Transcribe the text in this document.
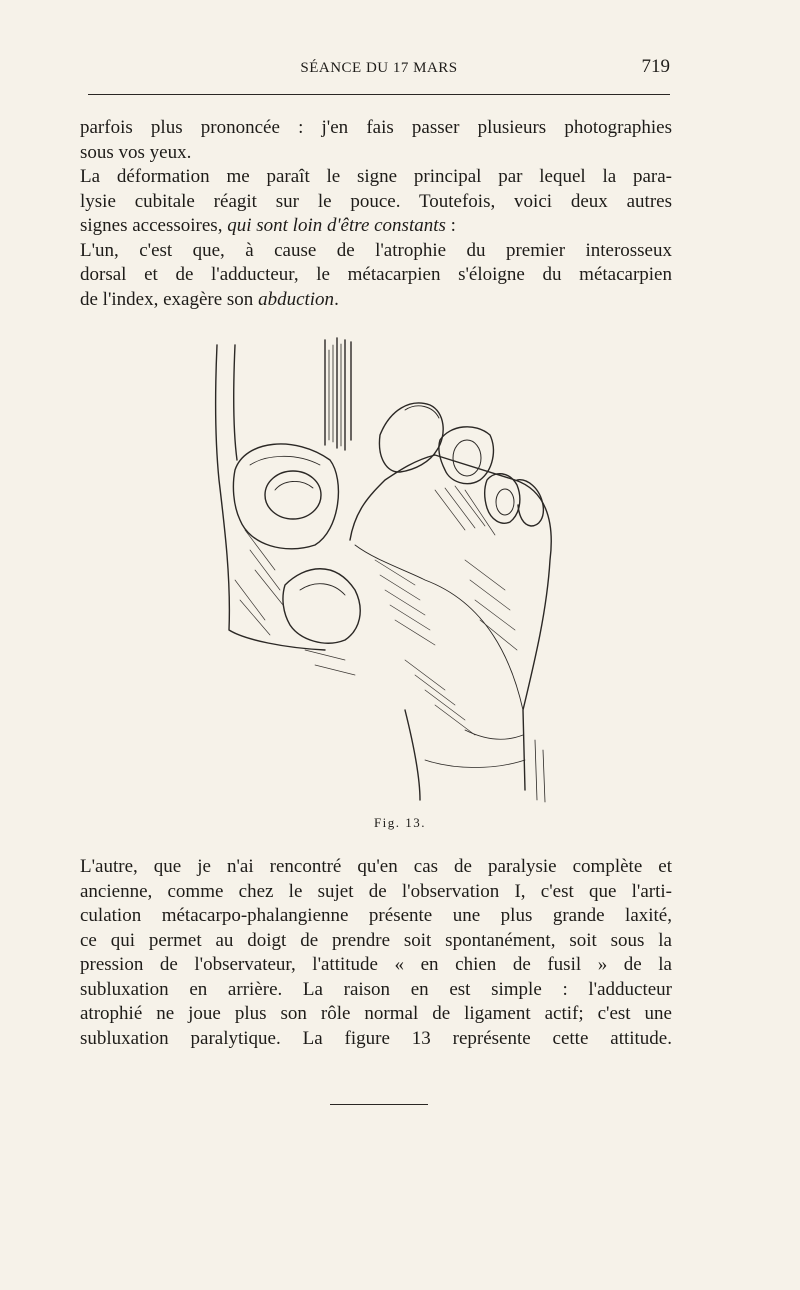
SÉANCE DU 17 MARS	719
parfois plus prononcée : j'en fais passer plusieurs photographies
sous vos yeux.
La déformation me paraît le signe principal par lequel la para-
lysie cubitale réagit sur le pouce. Toutefois, voici deux autres
signes accessoires, qui sont loin d'être constants :
L'un, c'est que, à cause de l'atrophie du premier interosseux
dorsal et de l'adducteur, le métacarpien s'éloigne du métacarpien
de l'index, exagère son abduction.
Fig. 13.
L'autre, que je n'ai rencontré qu'en cas de paralysie complète et
ancienne, comme chez le sujet de l'observation I, c'est que l'arti-
culation métacarpo-phalangienne présente une plus grande laxité,
ce qui permet au doigt de prendre soit spontanément, soit sous la
pression de l'observateur, l'attitude « en chien de fusil » de la
subluxation en arrière. La raison en est simple : l'adducteur
atrophié ne joue plus son rôle normal de ligament actif; c'est une
subluxation paralytique. La figure 13 représente cette attitude.
